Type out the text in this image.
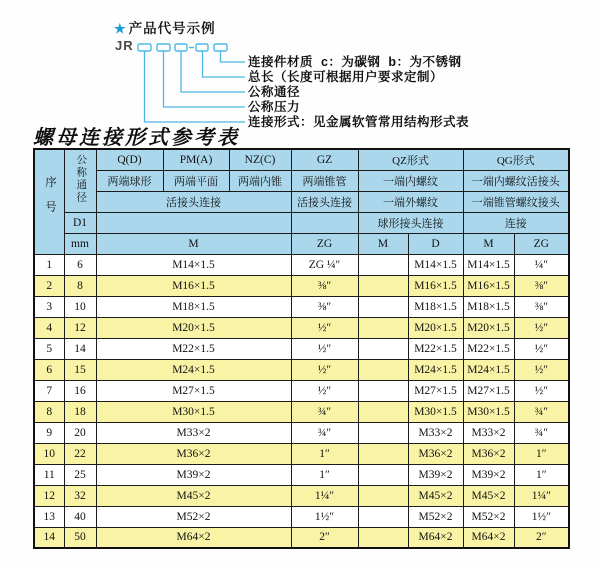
★ 产品代号示例
JR
连接件材质  c：为碳钢  b：为不锈钢
总长（长度可根据用户要求定制）
公称通径
公称压力
连接形式：见金属软管常用结构形式表
螺母连接形式参考表
序号	公称通径	Q(D)	PM(A)	NZ(C)	GZ	QZ形式		QG形式	
		两端球形	两端平面	两端内锥	两端锥管	一端内螺纹		一端内螺纹活接头	
		活接头连接			活接头连接	一端外螺纹		一端锥管螺纹接头	
	D1					球形接头连接		连接	
	mm	M			ZG	M	D	M	ZG
1	6	M14×1.5			ZG ¼″		M14×1.5	M14×1.5	¼″
2	8	M16×1.5			⅜″		M16×1.5	M16×1.5	⅜″
3	10	M18×1.5			⅜″		M18×1.5	M18×1.5	⅜″
4	12	M20×1.5			½″		M20×1.5	M20×1.5	½″
5	14	M22×1.5			½″		M22×1.5	M22×1.5	½″
6	15	M24×1.5			½″		M24×1.5	M24×1.5	½″
7	16	M27×1.5			½″		M27×1.5	M27×1.5	½″
8	18	M30×1.5			¾″		M30×1.5	M30×1.5	¾″
9	20	M33×2			¾″		M33×2	M33×2	¾″
10	22	M36×2			1″		M36×2	M36×2	1″
11	25	M39×2			1″		M39×2	M39×2	1″
12	32	M45×2			1¼″		M45×2	M45×2	1¼″
13	40	M52×2			1½″		M52×2	M52×2	1½″
14	50	M64×2			2″		M64×2	M64×2	2″
